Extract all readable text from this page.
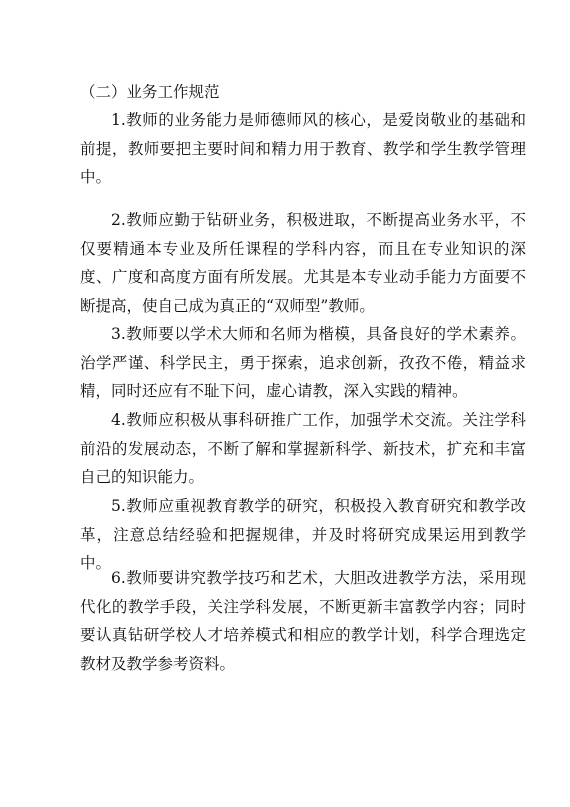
（二）业务工作规范

1.教师的业务能力是师德师风的核心，是爱岗敬业的基础和前提，教师要把主要时间和精力用于教育、教学和学生教学管理中。

2.教师应勤于钻研业务，积极进取，不断提高业务水平，不仅要精通本专业及所任课程的学科内容，而且在专业知识的深度、广度和高度方面有所发展。尤其是本专业动手能力方面要不断提高，使自己成为真正的“双师型”教师。

3.教师要以学术大师和名师为楷模，具备良好的学术素养。治学严谨、科学民主，勇于探索，追求创新，孜孜不倦，精益求精，同时还应有不耻下问，虚心请教，深入实践的精神。

4.教师应积极从事科研推广工作，加强学术交流。关注学科前沿的发展动态，不断了解和掌握新科学、新技术，扩充和丰富自己的知识能力。

5.教师应重视教育教学的研究，积极投入教育研究和教学改革，注意总结经验和把握规律，并及时将研究成果运用到教学中。

6.教师要讲究教学技巧和艺术，大胆改进教学方法，采用现代化的教学手段，关注学科发展，不断更新丰富教学内容；同时要认真钻研学校人才培养模式和相应的教学计划，科学合理选定教材及教学参考资料。
